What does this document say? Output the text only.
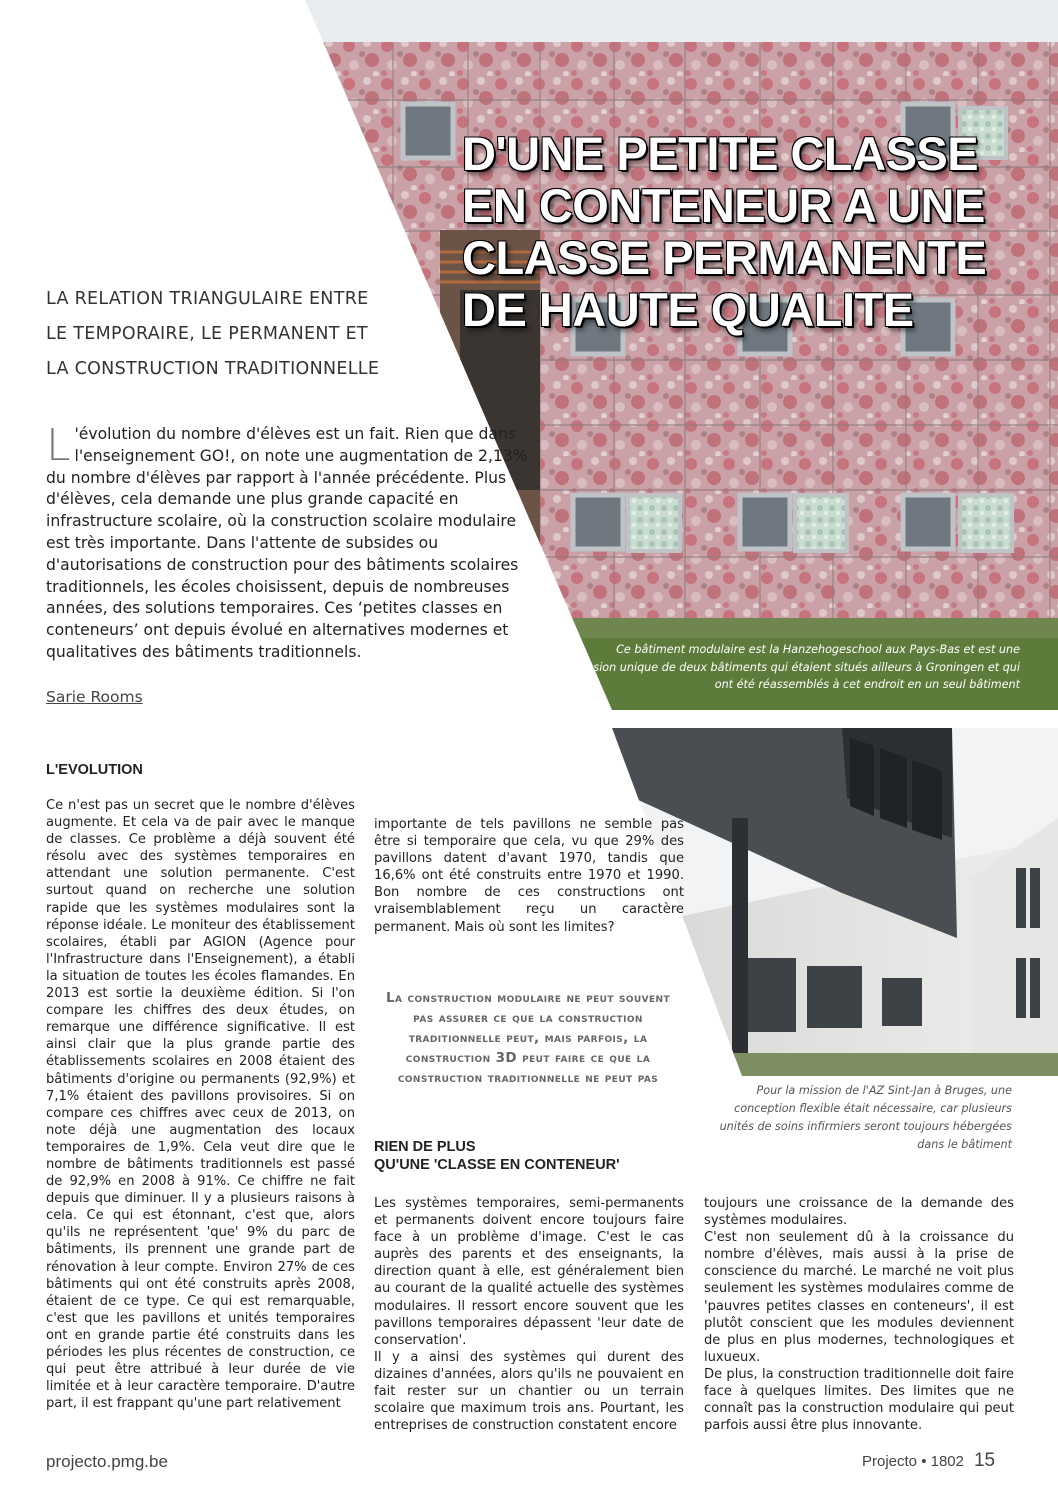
D'UNE PETITE CLASSE
EN CONTENEUR A UNE
CLASSE PERMANENTE
DE HAUTE QUALITE
Ce bâtiment modulaire est la Hanzehogeschool aux Pays-Bas et est une extension unique de deux bâtiments qui étaient situés ailleurs à Groningen et qui ont été réassemblés à cet endroit en un seul bâtiment
LA RELATION TRIANGULAIRE ENTRE
LE TEMPORAIRE, LE PERMANENT ET
LA CONSTRUCTION TRADITIONNELLE
L 'évolution du nombre d'élèves est un fait. Rien que dans l'enseignement GO!, on note une augmentation de 2,13% du nombre d'élèves par rapport à l'année précédente. Plus d'élèves, cela demande une plus grande capacité en infrastructure scolaire, où la construction scolaire modulaire est très importante. Dans l'attente de subsides ou d'autorisations de construction pour des bâtiments scolaires traditionnels, les écoles choisissent, depuis de nombreuses années, des solutions temporaires. Ces ‘petites classes en conteneurs’ ont depuis évolué en alternatives modernes et qualitatives des bâtiments traditionnels.
Sarie Rooms
Pour la mission de l'AZ Sint-Jan à Bruges, une conception flexible était nécessaire, car plusieurs unités de soins infirmiers seront toujours hébergées dans le bâtiment
L'EVOLUTION

Ce n'est pas un secret que le nombre d'élèves augmente. Et cela va de pair avec le manque de classes. Ce problème a déjà souvent été résolu avec des systèmes temporaires en attendant une solution permanente. C'est surtout quand on recherche une solution rapide que les systèmes modulaires sont la réponse idéale. Le moniteur des établissement scolaires, établi par AGION (Agence pour l'Infrastructure dans l'Enseignement), a établi la situation de toutes les écoles flamandes. En 2013 est sortie la deuxième édition. Si l'on compare les chiffres des deux études, on remarque une différence significative. Il est ainsi clair que la plus grande partie des établissements scolaires en 2008 étaient des bâtiments d'origine ou permanents (92,9%) et 7,1% étaient des pavillons provisoires. Si on compare ces chiffres avec ceux de 2013, on note déjà une augmentation des locaux temporaires de 1,9%. Cela veut dire que le nombre de bâtiments traditionnels est passé de 92,9% en 2008 à 91%. Ce chiffre ne fait depuis que diminuer. Il y a plusieurs raisons à cela. Ce qui est étonnant, c'est que, alors qu'ils ne représentent 'que' 9% du parc de bâtiments, ils prennent une grande part de rénovation à leur compte. Environ 27% de ces bâtiments qui ont été construits après 2008, étaient de ce type. Ce qui est remarquable, c'est que les pavillons et unités temporaires ont en grande partie été construits dans les périodes les plus récentes de construction, ce qui peut être attribué à leur durée de vie limitée et à leur caractère temporaire. D'autre part, il est frappant qu'une part relativement

importante de tels pavillons ne semble pas être si temporaire que cela, vu que 29% des pavillons datent d'avant 1970, tandis que 16,6% ont été construits entre 1970 et 1990. Bon nombre de ces constructions ont vraisemblablement reçu un caractère permanent. Mais où sont les limites?

La construction modulaire ne peut souvent pas assurer ce que la construction traditionnelle peut, mais parfois, la construction 3D peut faire ce que la construction traditionnelle ne peut pas
RIEN DE PLUS
QU'UNE 'CLASSE EN CONTENEUR'

Les systèmes temporaires, semi-permanents et permanents doivent encore toujours faire face à un problème d'image. C'est le cas auprès des parents et des enseignants, la direction quant à elle, est généralement bien au courant de la qualité actuelle des systèmes modulaires. Il ressort encore souvent que les pavillons temporaires dépassent 'leur date de conservation'.

Il y a ainsi des systèmes qui durent des dizaines d'années, alors qu'ils ne pouvaient en fait rester sur un chantier ou un terrain scolaire que maximum trois ans. Pourtant, les entreprises de construction constatent encore

toujours une croissance de la demande des systèmes modulaires.

C'est non seulement dû à la croissance du nombre d'élèves, mais aussi à la prise de conscience du marché. Le marché ne voit plus seulement les systèmes modulaires comme de 'pauvres petites classes en conteneurs', il est plutôt conscient que les modules deviennent de plus en plus modernes, technologiques et luxueux.

De plus, la construction traditionnelle doit faire face à quelques limites. Des limites que ne connaît pas la construction modulaire qui peut parfois aussi être plus innovante.

projecto.pmg.be	Projecto • 1802 15
